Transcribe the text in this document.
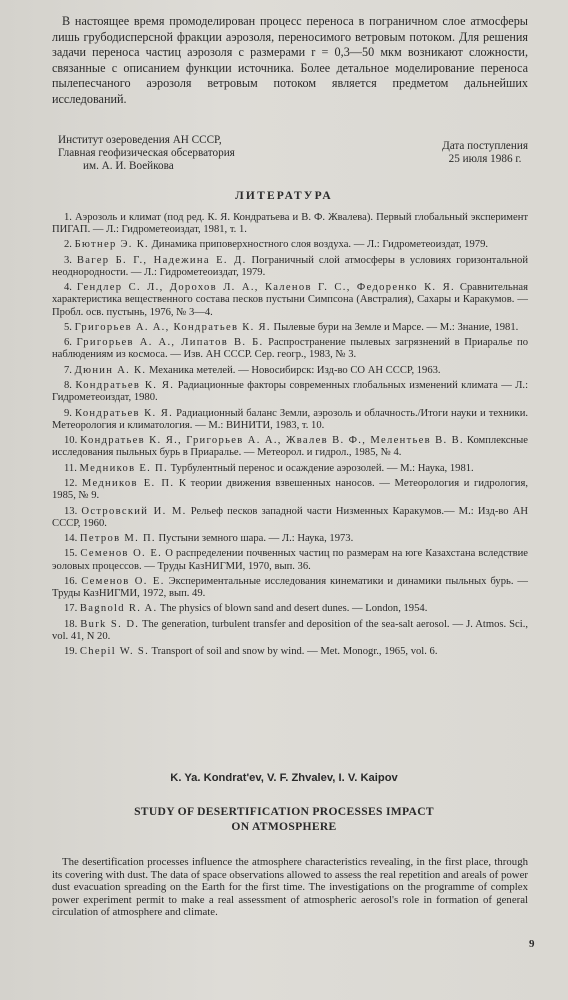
В настоящее время промоделирован процесс переноса в пограничном слое атмосферы лишь грубодисперсной фракции аэрозоля, переносимого ветровым потоком. Для решения задачи переноса частиц аэрозоля с размерами r = 0,3—50 мкм возникают сложности, связанные с описанием функции источника. Более детальное моделирование переноса пылепесчаного аэрозоля ветровым потоком является предметом дальнейших исследований.
Институт озероведения АН СССР,
Главная геофизическая обсерватория
им. А. И. Воейкова
Дата поступления
25 июля 1986 г.
ЛИТЕРАТУРА
1. Аэрозоль и климат (под ред. К. Я. Кондратьева и В. Ф. Жвалева). Первый глобальный эксперимент ПИГАП. — Л.: Гидрометеоиздат, 1981, т. 1.
2. Бютнер Э. К. Динамика приповерхностного слоя воздуха. — Л.: Гидрометеоиздат, 1979.
3. Вагер Б. Г., Надежина Е. Д. Пограничный слой атмосферы в условиях горизонтальной неоднородности. — Л.: Гидрометеоиздат, 1979.
4. Гендлер С. Л., Дорохов Л. А., Каленов Г. С., Федоренко К. Я. Сравнительная характеристика вещественного состава песков пустыни Симпсона (Австралия), Сахары и Каракумов. — Пробл. осв. пустынь, 1976, № 3—4.
5. Григорьев А. А., Кондратьев К. Я. Пылевые бури на Земле и Марсе. — М.: Знание, 1981.
6. Григорьев А. А., Липатов В. Б. Распространение пылевых загрязнений в Приаралье по наблюдениям из космоса. — Изв. АН СССР. Сер. геогр., 1983, № 3.
7. Дюнин А. К. Механика метелей. — Новосибирск: Изд-во СО АН СССР, 1963.
8. Кондратьев К. Я. Радиационные факторы современных глобальных изменений климата — Л.: Гидрометеоиздат, 1980.
9. Кондратьев К. Я. Радиационный баланс Земли, аэрозоль и облачность./Итоги науки и техники. Метеорология и климатология. — М.: ВИНИТИ, 1983, т. 10.
10. Кондратьев К. Я., Григорьев А. А., Жвалев В. Ф., Мелентьев В. В. Комплексные исследования пыльных бурь в Приаралье. — Метеорол. и гидрол., 1985, № 4.
11. Медников Е. П. Турбулентный перенос и осаждение аэрозолей. — М.: Наука, 1981.
12. Медников Е. П. К теории движения взвешенных наносов. — Метеорология и гидрология, 1985, № 9.
13. Островский И. М. Рельеф песков западной части Низменных Каракумов.— М.: Изд-во АН СССР, 1960.
14. Петров М. П. Пустыни земного шара. — Л.: Наука, 1973.
15. Семенов О. Е. О распределении почвенных частиц по размерам на юге Казахстана вследствие эоловых процессов. — Труды КазНИГМИ, 1970, вып. 36.
16. Семенов О. Е. Экспериментальные исследования кинематики и динамики пыльных бурь. — Труды КазНИГМИ, 1972, вып. 49.
17. Bagnold R. A. The physics of blown sand and desert dunes. — London, 1954.
18. Burk S. D. The generation, turbulent transfer and deposition of the sea-salt aerosol. — J. Atmos. Sci., vol. 41, N 20.
19. Chepil W. S. Transport of soil and snow by wind. — Met. Monogr., 1965, vol. 6.
K. Ya. Kondrat'ev, V. F. Zhvalev, I. V. Kaipov
STUDY OF DESERTIFICATION PROCESSES IMPACT
ON ATMOSPHERE
The desertification processes influence the atmosphere characteristics revealing, in the first place, through its covering with dust. The data of space observations allowed to assess the real repetition and areals of power dust evacuation spreading on the Earth for the first time. The investigations on the programme of complex power experiment permit to make a real assessment of atmospheric aerosol's role in formation of general circulation of atmosphere and climate.
9
